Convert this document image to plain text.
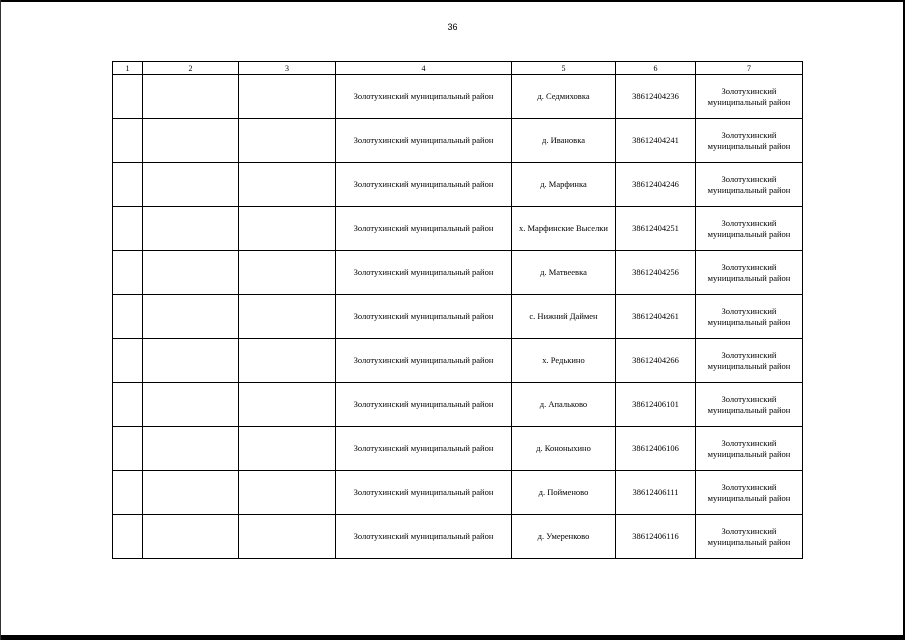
36
1	2	3	4	5	6	7
			Золотухинский муниципальный район	д. Седмиховка	38612404236	Золотухинский
муниципальный район
			Золотухинский муниципальный район	д. Ивановка	38612404241	Золотухинский
муниципальный район
			Золотухинский муниципальный район	д. Марфинка	38612404246	Золотухинский
муниципальный район
			Золотухинский муниципальный район	х. Марфинские Выселки	38612404251	Золотухинский
муниципальный район
			Золотухинский муниципальный район	д. Матвеевка	38612404256	Золотухинский
муниципальный район
			Золотухинский муниципальный район	с. Нижний Даймен	38612404261	Золотухинский
муниципальный район
			Золотухинский муниципальный район	х. Редькино	38612404266	Золотухинский
муниципальный район
			Золотухинский муниципальный район	д. Апальково	38612406101	Золотухинский
муниципальный район
			Золотухинский муниципальный район	д. Кононыхино	38612406106	Золотухинский
муниципальный район
			Золотухинский муниципальный район	д. Пойменово	38612406111	Золотухинский
муниципальный район
			Золотухинский муниципальный район	д. Умеренково	38612406116	Золотухинский
муниципальный район
